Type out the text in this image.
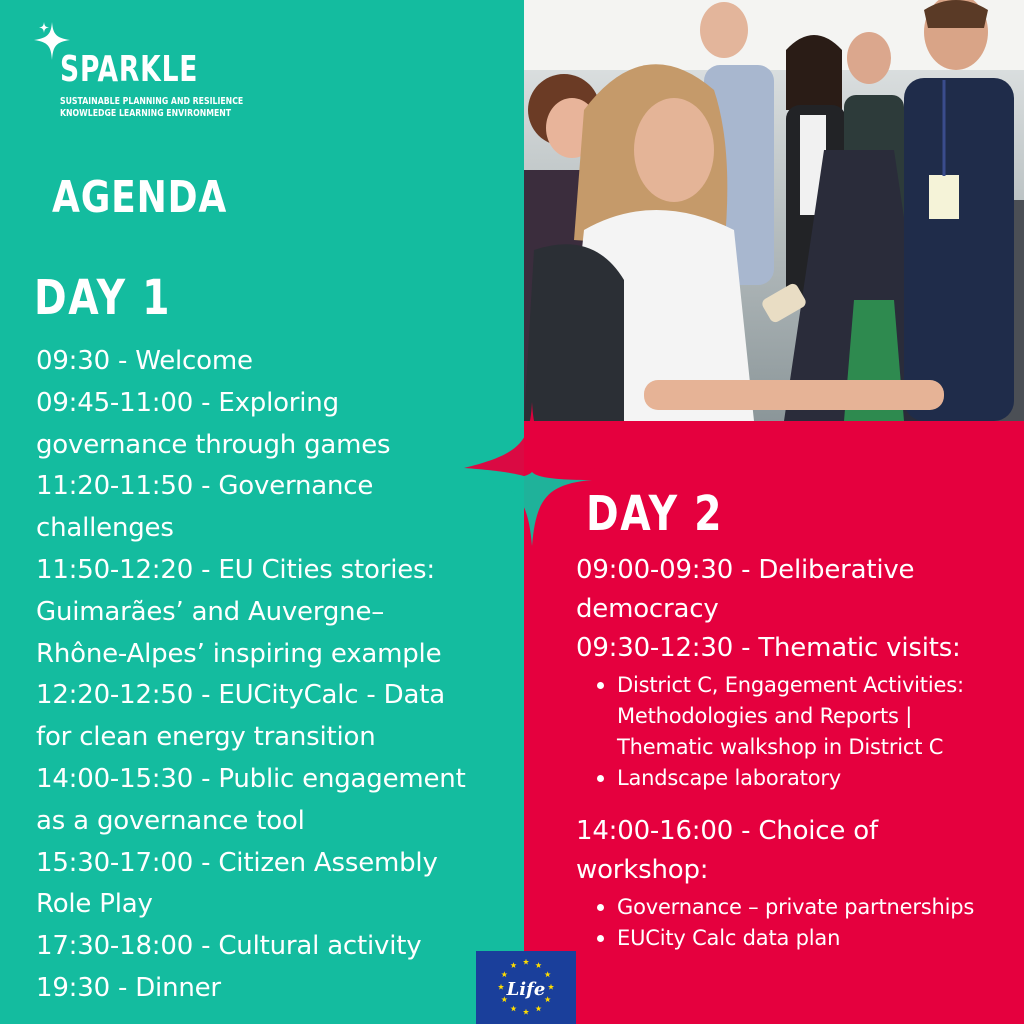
SPARKLE
SUSTAINABLE PLANNING AND RESILIENCE
KNOWLEDGE LEARNING ENVIRONMENT
AGENDA
DAY 1
09:30 - Welcome
09:45-11:00 - Exploring
governance through games
11:20-11:50 - Governance
challenges
11:50-12:20 - EU Cities stories:
Guimarães’ and Auvergne–
Rhône-Alpes’ inspiring example
12:20-12:50 - EUCityCalc - Data
for clean energy transition
14:00-15:30 - Public engagement
as a governance tool
15:30-17:00 - Citizen Assembly
Role Play
17:30-18:00 - Cultural activity
19:30 - Dinner
DAY 2
09:00-09:30 - Deliberative
democracy
09:30-12:30 - Thematic visits:
District C, Engagement Activities:
Methodologies and Reports |
Thematic walkshop in District C
Landscape laboratory
14:00-16:00 - Choice of
workshop:
Governance – private partnerships
EUCity Calc data plan
Life
